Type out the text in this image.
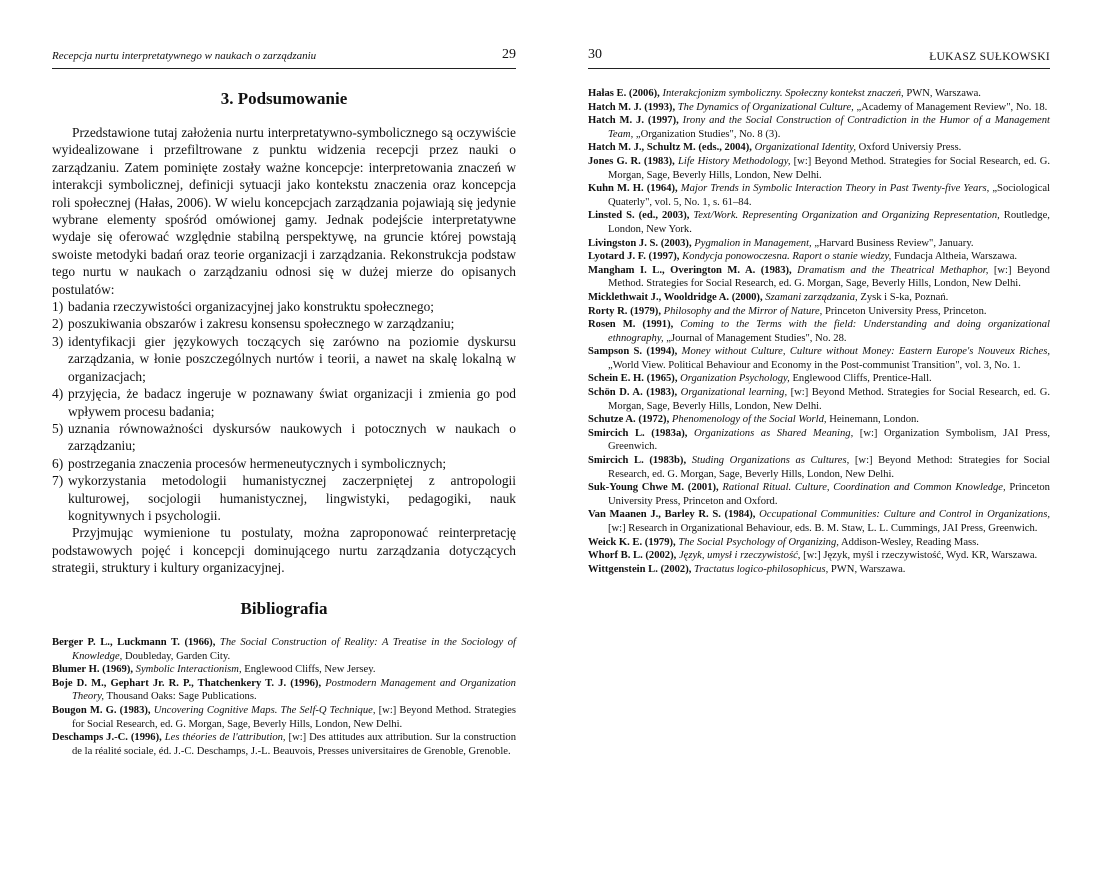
Recepcja nurtu interpretatywnego w naukach o zarządzaniu	29
3. Podsumowanie

Przedstawione tutaj założenia nurtu interpretatywno-symbolicznego są oczywiście wyidealizowane i przefiltrowane z punktu widzenia recepcji przez nauki o zarządzaniu. Zatem pominięte zostały ważne koncepcje: interpretowania znaczeń w interakcji symbolicznej, definicji sytuacji jako kontekstu znaczenia oraz koncepcja roli społecznej (Hałas, 2006). W wielu koncepcjach zarządzania pojawiają się jedynie wybrane elementy spośród omówionej gamy. Jednak podejście interpretatywne wydaje się oferować względnie stabilną perspektywę, na gruncie której powstają swoiste metodyki badań oraz teorie organizacji i zarządzania. Rekonstrukcja podstaw tego nurtu w naukach o zarządzaniu odnosi się w dużej mierze do opisanych postulatów:

1) badania rzeczywistości organizacyjnej jako konstruktu społecznego;
2) poszukiwania obszarów i zakresu konsensu społecznego w zarządzaniu;
3) identyfikacji gier językowych toczących się zarówno na poziomie dyskursu zarządzania, w łonie poszczególnych nurtów i teorii, a nawet na skalę lokalną w organizacjach;
4) przyjęcia, że badacz ingeruje w poznawany świat organizacji i zmienia go pod wpływem procesu badania;
5) uznania równoważności dyskursów naukowych i potocznych w naukach o zarządzaniu;
6) postrzegania znaczenia procesów hermeneutycznych i symbolicznych;
7) wykorzystania metodologii humanistycznej zaczerpniętej z antropologii kulturowej, socjologii humanistycznej, lingwistyki, pedagogiki, nauk kognitywnych i psychologii.

Przyjmując wymienione tu postulaty, można zaproponować reinterpretację podstawowych pojęć i koncepcji dominującego nurtu zarządzania dotyczących strategii, struktury i kultury organizacyjnej.

Bibliografia

Berger P. L., Luckmann T. (1966), The Social Construction of Reality: A Treatise in the Sociology of Knowledge, Doubleday, Garden City.

Blumer H. (1969), Symbolic Interactionism, Englewood Cliffs, New Jersey.

Boje D. M., Gephart Jr. R. P., Thatchenkery T. J. (1996), Postmodern Management and Organization Theory, Thousand Oaks: Sage Publications.

Bougon M. G. (1983), Uncovering Cognitive Maps. The Self-Q Technique, [w:] Beyond Method. Strategies for Social Research, ed. G. Morgan, Sage, Beverly Hills, London, New Delhi.

Deschamps J.-C. (1996), Les théories de l'attribution, [w:] Des attitudes aux attribution. Sur la construction de la réalité sociale, éd. J.-C. Deschamps, J.-L. Beauvois, Presses universitaires de Grenoble, Grenoble.

30	ŁUKASZ SUŁKOWSKI

Hałas E. (2006), Interakcjonizm symboliczny. Społeczny kontekst znaczeń, PWN, Warszawa.

Hatch M. J. (1993), The Dynamics of Organizational Culture, „Academy of Management Review", No. 18.

Hatch M. J. (1997), Irony and the Social Construction of Contradiction in the Humor of a Management Team, „Organization Studies", No. 8 (3).

Hatch M. J., Schultz M. (eds., 2004), Organizational Identity, Oxford Universiy Press.

Jones G. R. (1983), Life History Methodology, [w:] Beyond Method. Strategies for Social Research, ed. G. Morgan, Sage, Beverly Hills, London, New Delhi.

Kuhn M. H. (1964), Major Trends in Symbolic Interaction Theory in Past Twenty-five Years, „Sociological Quaterly", vol. 5, No. 1, s. 61–84.

Linsted S. (ed., 2003), Text/Work. Representing Organization and Organizing Representation, Routledge, London, New York.

Livingston J. S. (2003), Pygmalion in Management, „Harvard Business Review", January.

Lyotard J. F. (1997), Kondycja ponowoczesna. Raport o stanie wiedzy, Fundacja Altheia, Warszawa.

Mangham I. L., Overington M. A. (1983), Dramatism and the Theatrical Methaphor, [w:] Beyond Method. Strategies for Social Research, ed. G. Morgan, Sage, Beverly Hills, London, New Delhi.

Micklethwait J., Wooldridge A. (2000), Szamani zarządzania, Zysk i S-ka, Poznań.

Rorty R. (1979), Philosophy and the Mirror of Nature, Princeton University Press, Princeton.

Rosen M. (1991), Coming to the Terms with the field: Understanding and doing organizational ethnography, „Journal of Management Studies", No. 28.

Sampson S. (1994), Money without Culture, Culture without Money: Eastern Europe's Nouveux Riches, „World View. Political Behaviour and Economy in the Post-communist Transition", vol. 3, No. 1.

Schein E. H. (1965), Organization Psychology, Englewood Cliffs, Prentice-Hall.

Schön D. A. (1983), Organizational learning, [w:] Beyond Method. Strategies for Social Research, ed. G. Morgan, Sage, Beverly Hills, London, New Delhi.

Schutze A. (1972), Phenomenology of the Social World, Heinemann, London.

Smircich L. (1983a), Organizations as Shared Meaning, [w:] Organization Symbolism, JAI Press, Greenwich.

Smircich L. (1983b), Studing Organizations as Cultures, [w:] Beyond Method: Strategies for Social Research, ed. G. Morgan, Sage, Beverly Hills, London, New Delhi.

Suk-Young Chwe M. (2001), Rational Ritual. Culture, Coordination and Common Knowledge, Princeton University Press, Princeton and Oxford.

Van Maanen J., Barley R. S. (1984), Occupational Communities: Culture and Control in Organizations, [w:] Research in Organizational Behaviour, eds. B. M. Staw, L. L. Cummings, JAI Press, Greenwich.

Weick K. E. (1979), The Social Psychology of Organizing, Addison-Wesley, Reading Mass.

Whorf B. L. (2002), Język, umysł i rzeczywistość, [w:] Język, myśl i rzeczywistość, Wyd. KR, Warszawa.

Wittgenstein L. (2002), Tractatus logico-philosophicus, PWN, Warszawa.
